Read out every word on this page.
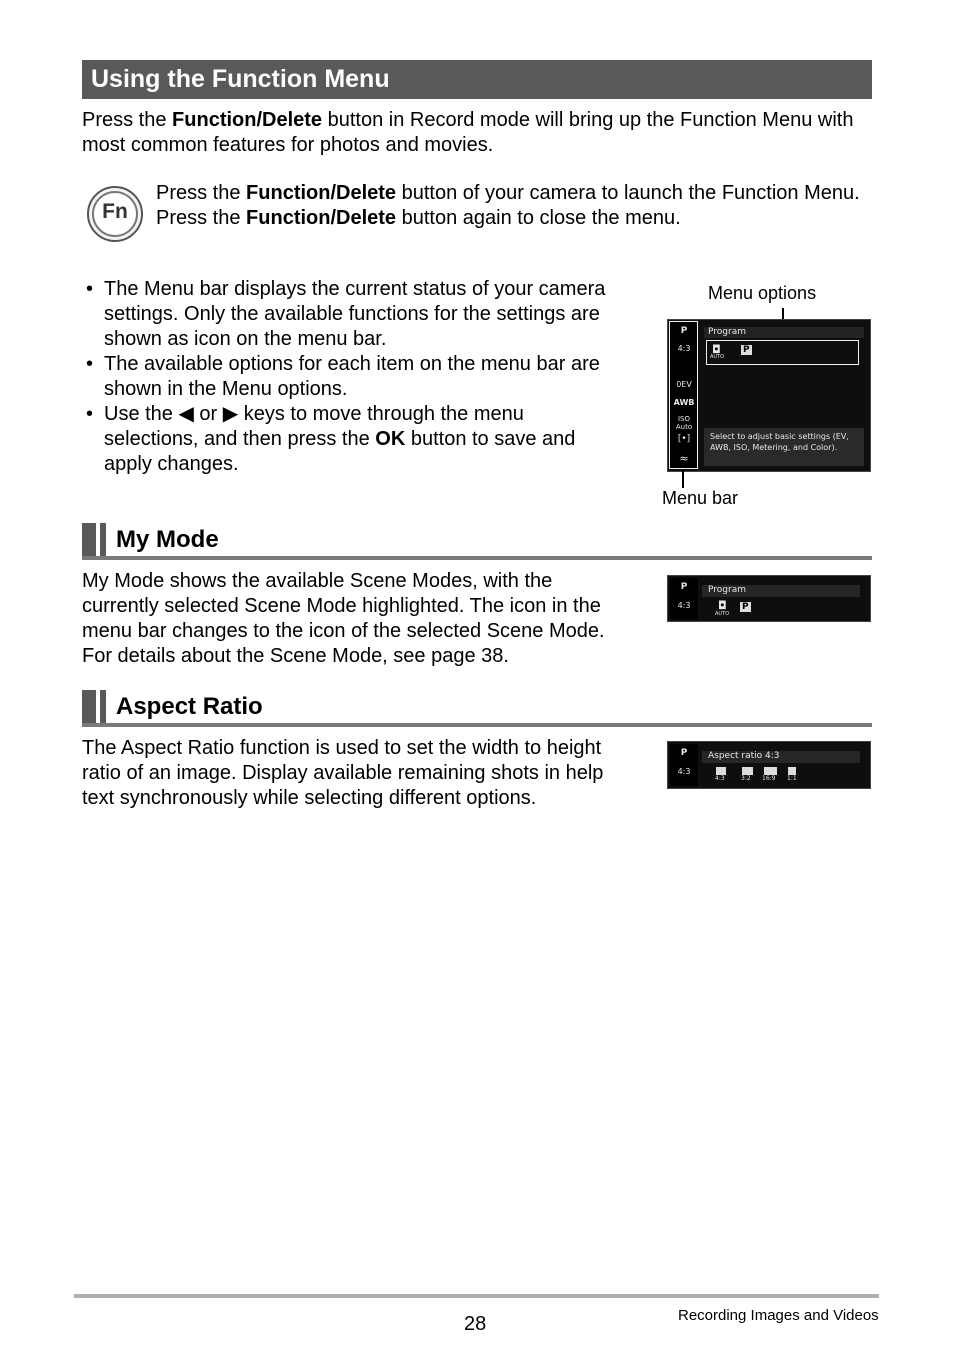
Using the Function Menu
Press the Function/Delete button in Record mode will bring up the Function Menu with most common features for photos and movies.
Fn
Press the Function/Delete button of your camera to launch the Function Menu.
Press the Function/Delete button again to close the menu.
• The Menu bar displays the current status of your camera settings. Only the available functions for the settings are shown as icon on the menu bar.
• The available options for each item on the menu bar are shown in the Menu options.
• Use the ◀ or ▶ keys to move through the menu selections, and then press the OK button to save and apply changes.
Menu options
P
4:3
0EV
AWB
ISO Auto
[•]
≈
Program
◘
AUTO
P
Select to adjust basic settings (EV, AWB, ISO, Metering, and Color).
Menu bar
My Mode
My Mode shows the available Scene Modes, with the currently selected Scene Mode highlighted. The icon in the menu bar changes to the icon of the selected Scene Mode. For details about the Scene Mode, see page 38.
P
4:3
Program
◘
AUTO
P
Aspect Ratio
The Aspect Ratio function is used to set the width to height ratio of an image. Display available remaining shots in help text synchronously while selecting different options.
P
4:3
Aspect ratio 4:3
4:3	3:2 16:9 1:1
28	Recording Images and Videos
